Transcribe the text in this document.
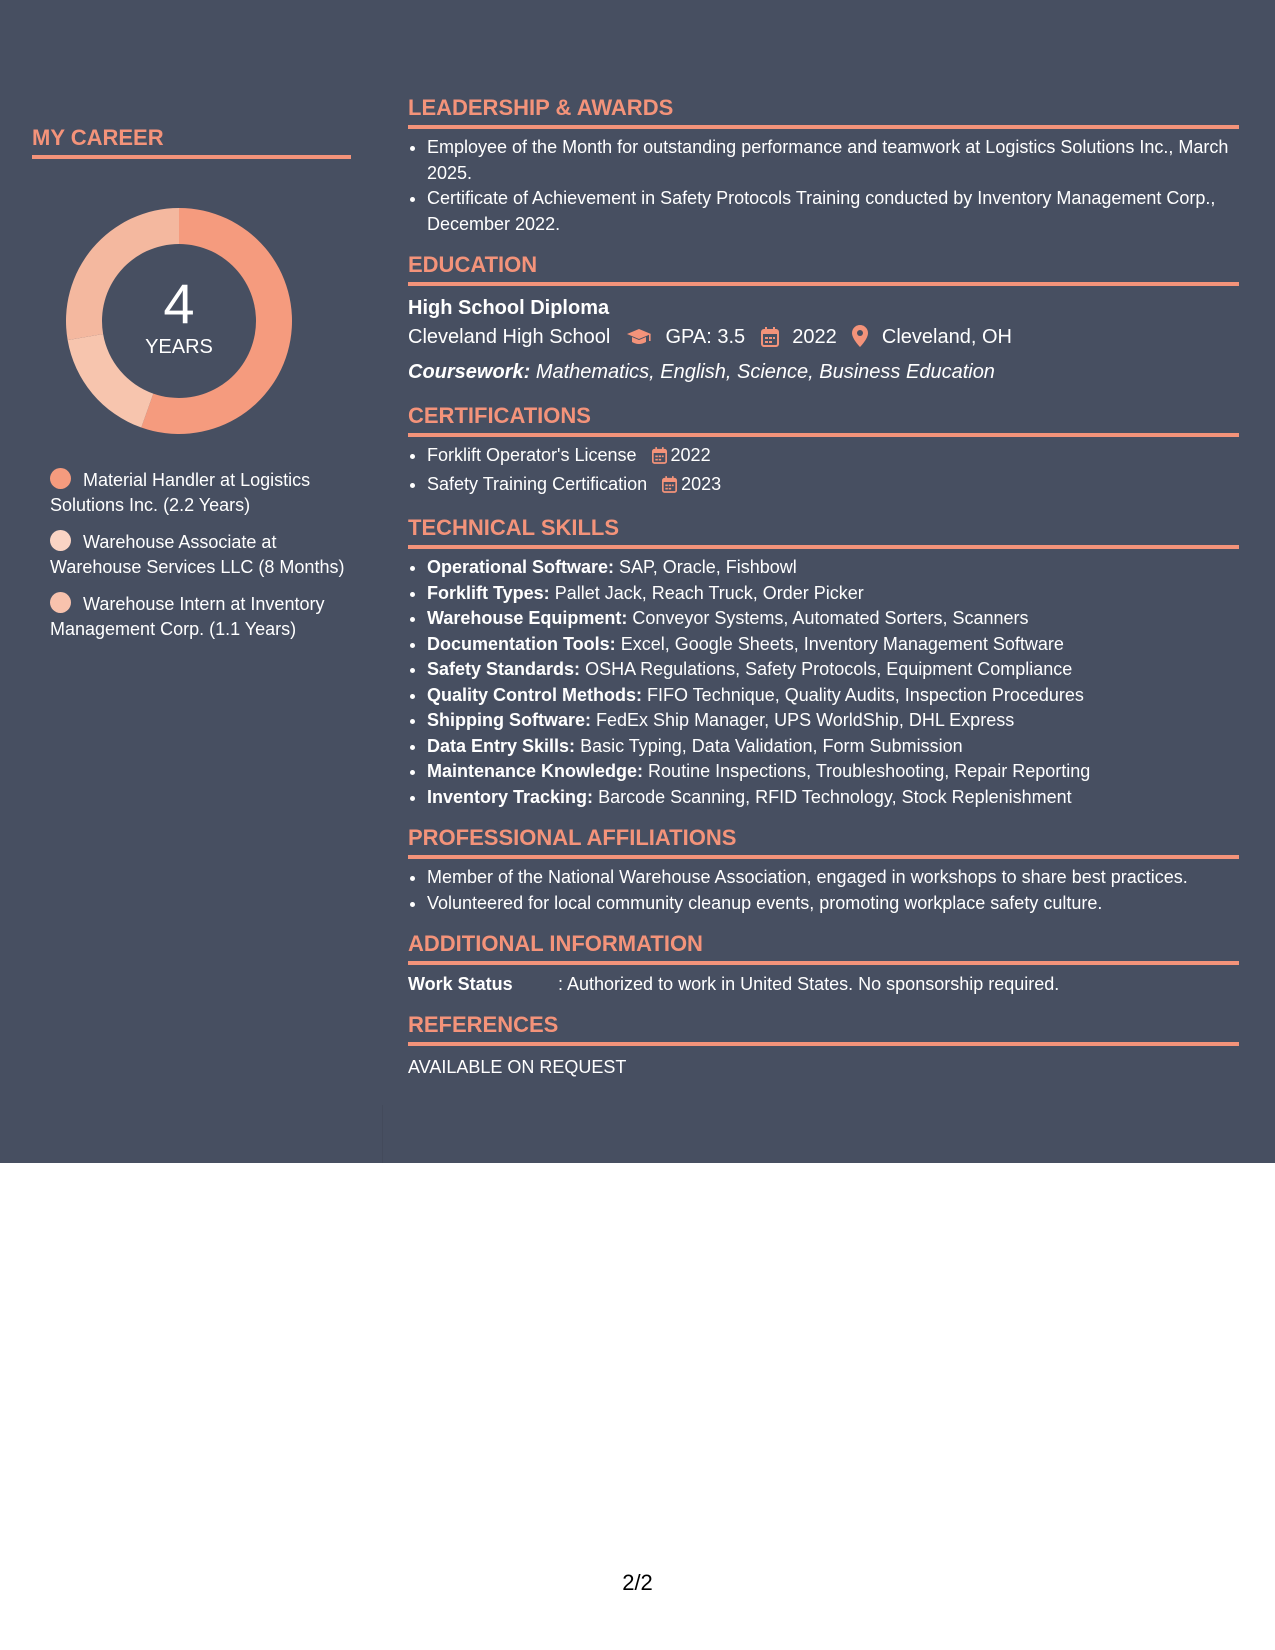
MY CAREER
4
YEARS
Material Handler at Logistics Solutions Inc. (2.2 Years)
Warehouse Associate at Warehouse Services LLC (8 Months)
Warehouse Intern at Inventory Management Corp. (1.1 Years)
LEADERSHIP & AWARDS
• Employee of the Month for outstanding performance and teamwork at Logistics Solutions Inc., March 2025.
• Certificate of Achievement in Safety Protocols Training conducted by Inventory Management Corp., December 2022.
EDUCATION
High School Diploma
Cleveland High School	GPA: 3.5 2022 Cleveland, OH
Coursework: Mathematics, English, Science, Business Education
CERTIFICATIONS
• Forklift Operator's License 2022
• Safety Training Certification 2023
TECHNICAL SKILLS
• Operational Software: SAP, Oracle, Fishbowl
• Forklift Types: Pallet Jack, Reach Truck, Order Picker
• Warehouse Equipment: Conveyor Systems, Automated Sorters, Scanners
• Documentation Tools: Excel, Google Sheets, Inventory Management Software
• Safety Standards: OSHA Regulations, Safety Protocols, Equipment Compliance
• Quality Control Methods: FIFO Technique, Quality Audits, Inspection Procedures
• Shipping Software: FedEx Ship Manager, UPS WorldShip, DHL Express
• Data Entry Skills: Basic Typing, Data Validation, Form Submission
• Maintenance Knowledge: Routine Inspections, Troubleshooting, Repair Reporting
• Inventory Tracking: Barcode Scanning, RFID Technology, Stock Replenishment
PROFESSIONAL AFFILIATIONS
• Member of the National Warehouse Association, engaged in workshops to share best practices.
• Volunteered for local community cleanup events, promoting workplace safety culture.
ADDITIONAL INFORMATION
Work Status	: Authorized to work in United States. No sponsorship required.
REFERENCES
AVAILABLE ON REQUEST
2/2
